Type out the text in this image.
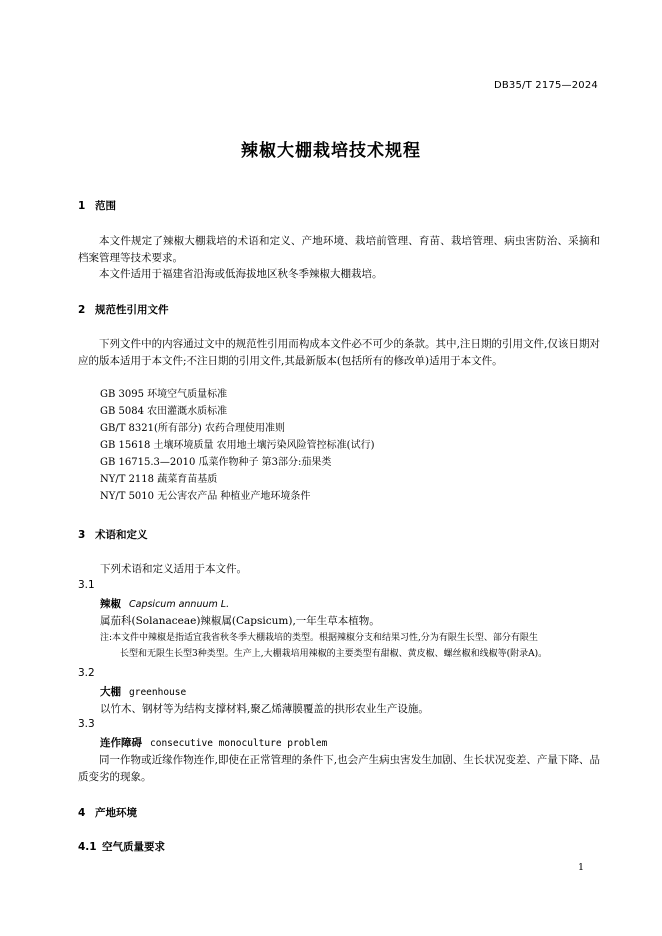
DB35/T 2175—2024
辣椒大棚栽培技术规程
1 范围
本文件规定了辣椒大棚栽培的术语和定义、产地环境、栽培前管理、育苗、栽培管理、病虫害防治、采摘和档案管理等技术要求。
本文件适用于福建省沿海或低海拔地区秋冬季辣椒大棚栽培。
2 规范性引用文件
下列文件中的内容通过文中的规范性引用而构成本文件必不可少的条款。其中,注日期的引用文件,仅该日期对应的版本适用于本文件;不注日期的引用文件,其最新版本(包括所有的修改单)适用于本文件。
GB 3095 环境空气质量标准
GB 5084 农田灌溉水质标准
GB/T 8321(所有部分) 农药合理使用准则
GB 15618 土壤环境质量 农用地土壤污染风险管控标准(试行)
GB 16715.3—2010 瓜菜作物种子 第3部分:茄果类
NY/T 2118 蔬菜育苗基质
NY/T 5010 无公害农产品 种植业产地环境条件
3 术语和定义
下列术语和定义适用于本文件。
3.1
辣椒 Capsicum annuum L.
属茄科(Solanaceae)辣椒属(Capsicum),一年生草本植物。
注:本文件中辣椒是指适宜我省秋冬季大棚栽培的类型。根据辣椒分支和结果习性,分为有限生长型、部分有限生
长型和无限生长型3种类型。生产上,大棚栽培用辣椒的主要类型有甜椒、黄皮椒、螺丝椒和线椒等(附录A)。
3.2
大棚 greenhouse
以竹木、钢材等为结构支撑材料,聚乙烯薄膜覆盖的拱形农业生产设施。
3.3
连作障碍 consecutive monoculture problem
同一作物或近缘作物连作,即使在正常管理的条件下,也会产生病虫害发生加剧、生长状况变差、产量下降、品质变劣的现象。
4 产地环境
4.1 空气质量要求
1
